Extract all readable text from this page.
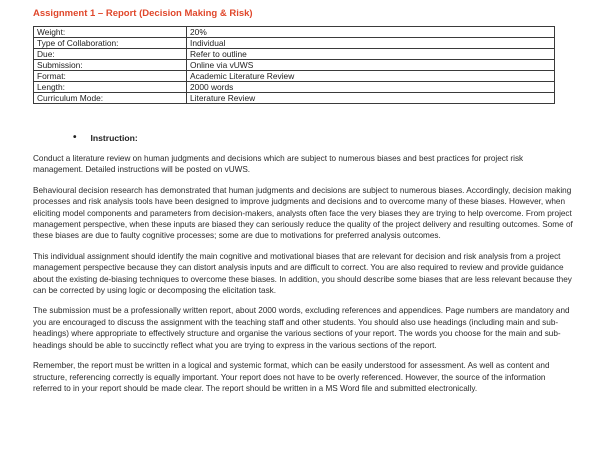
Assignment 1 – Report (Decision Making & Risk)
Weight:	20%
Type of Collaboration:	Individual
Due:	Refer to outline
Submission:	Online via vUWS
Format:	Academic Literature Review
Length:	2000 words
Curriculum Mode:	Literature Review
• Instruction:

Conduct a literature review on human judgments and decisions which are subject to numerous biases and best practices for project risk management. Detailed instructions will be posted on vUWS.

Behavioural decision research has demonstrated that human judgments and decisions are subject to numerous biases. Accordingly, decision making processes and risk analysis tools have been designed to improve judgments and decisions and to overcome many of these biases. However, when eliciting model components and parameters from decision-makers, analysts often face the very biases they are trying to help overcome. From project management perspective, when these inputs are biased they can seriously reduce the quality of the project delivery and resulting outcomes. Some of these biases are due to faulty cognitive processes; some are due to motivations for preferred analysis outcomes.

This individual assignment should identify the main cognitive and motivational biases that are relevant for decision and risk analysis from a project management perspective because they can distort analysis inputs and are difficult to correct. You are also required to review and provide guidance about the existing de-biasing techniques to overcome these biases. In addition, you should describe some biases that are less relevant because they can be corrected by using logic or decomposing the elicitation task.

The submission must be a professionally written report, about 2000 words, excluding references and appendices. Page numbers are mandatory and you are encouraged to discuss the assignment with the teaching staff and other students. You should also use headings (including main and sub-headings) where appropriate to effectively structure and organise the various sections of your report. The words you choose for the main and sub-headings should be able to succinctly reflect what you are trying to express in the various sections of the report.

Remember, the report must be written in a logical and systemic format, which can be easily understood for assessment. As well as content and structure, referencing correctly is equally important. Your report does not have to be overly referenced. However, the source of the information referred to in your report should be made clear. The report should be written in a MS Word file and submitted electronically.
